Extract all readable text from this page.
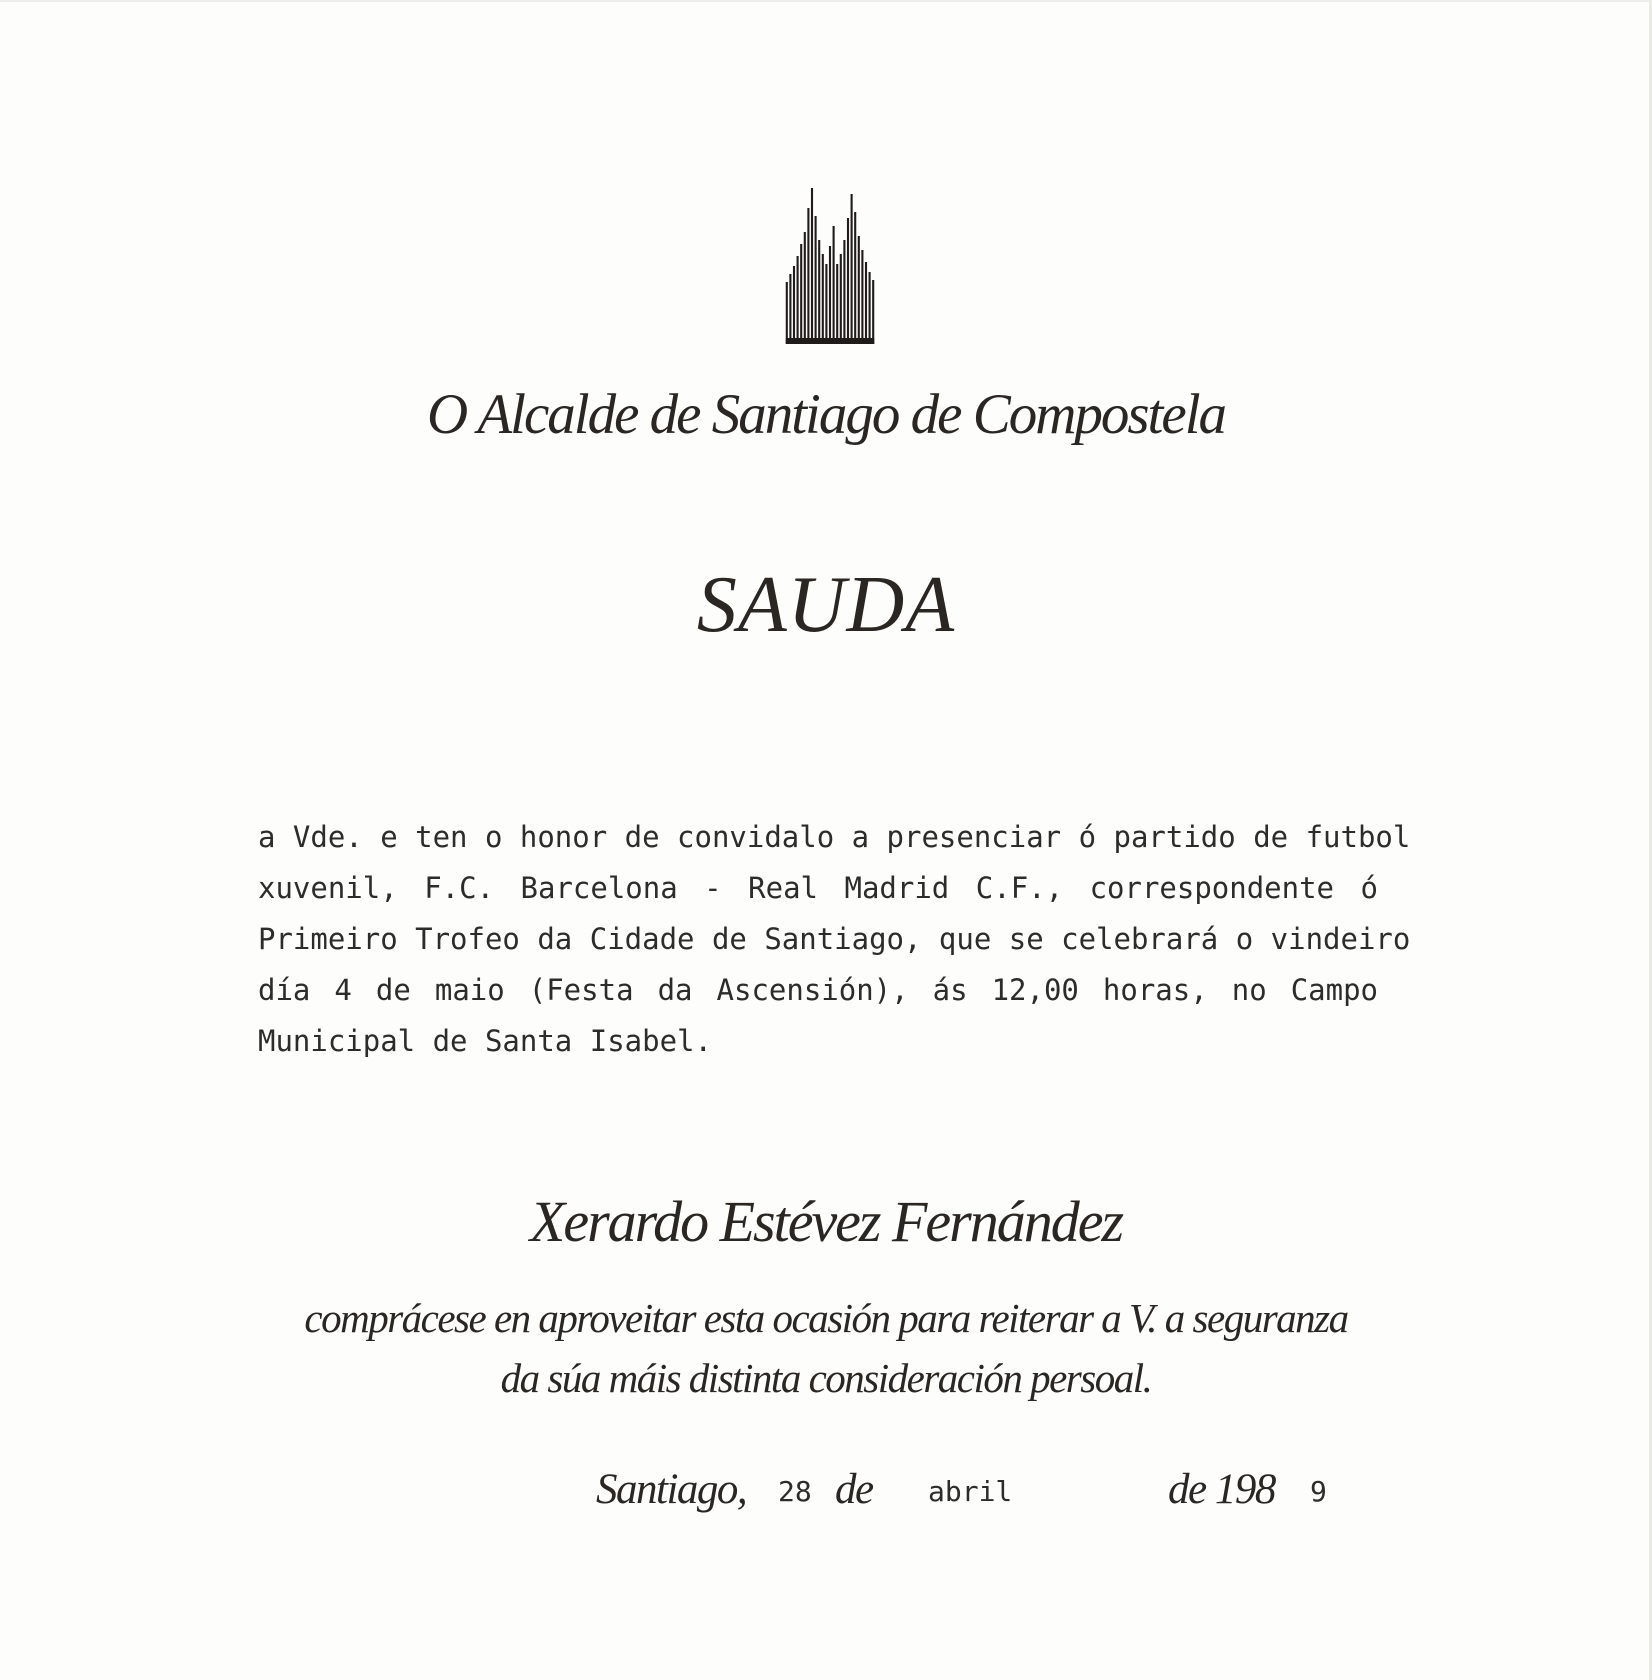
O Alcalde de Santiago de Compostela
SAUDA
a Vde. e ten o honor de convidalo a presenciar ó partido de futbol
xuvenil, F.C. Barcelona - Real Madrid C.F., correspondente ó
Primeiro Trofeo da Cidade de Santiago, que se celebrará o vindeiro
día 4 de maio (Festa da Ascensión), ás 12,00 horas, no Campo
Municipal de Santa Isabel.
Xerardo Estévez Fernández
comprácese en aproveitar esta ocasión para reiterar a V. a seguranza
da súa máis distinta consideración persoal.
Santiago, 28 de abril	de 198 9
